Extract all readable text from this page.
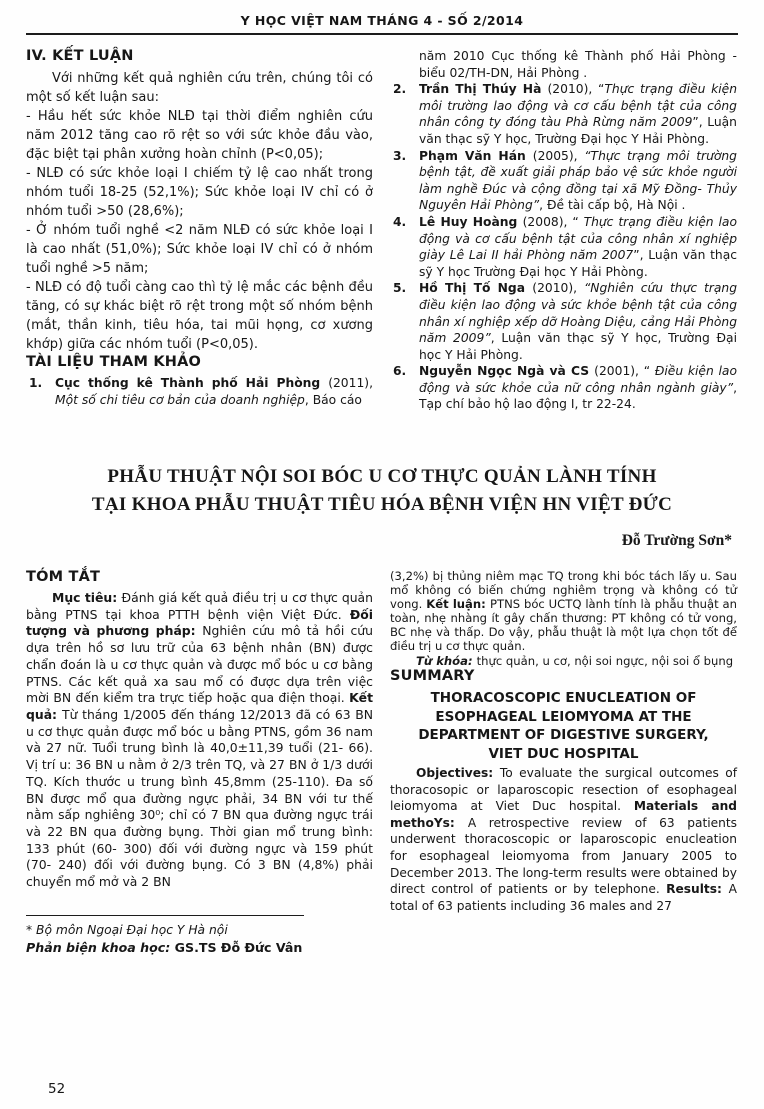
Y HỌC VIỆT NAM THÁNG 4 - SỐ 2/2014
IV. KẾT LUẬN

Với những kết quả nghiên cứu trên, chúng tôi có một số kết luận sau:

- Hầu hết sức khỏe NLĐ tại thời điểm nghiên cứu năm 2012 tăng cao rõ rệt so với sức khỏe đầu vào, đặc biệt tại phân xưởng hoàn chỉnh (P<0,05);

- NLĐ có sức khỏe loại I chiếm tỷ lệ cao nhất trong nhóm tuổi 18-25 (52,1%); Sức khỏe loại IV chỉ có ở nhóm tuổi >50 (28,6%);

- Ở nhóm tuổi nghề <2 năm NLĐ có sức khỏe loại I là cao nhất (51,0%); Sức khỏe loại IV chỉ có ở nhóm tuổi nghề >5 năm;

- NLĐ có độ tuổi càng cao thì tỷ lệ mắc các bệnh đều tăng, có sự khác biệt rõ rệt trong một số nhóm bệnh (mắt, thần kinh, tiêu hóa, tai mũi họng, cơ xương khớp) giữa các nhóm tuổi (P<0,05).

TÀI LIỆU THAM KHẢO
1. Cục thống kê Thành phố Hải Phòng (2011), Một số chi tiêu cơ bản của doanh nghiệp, Báo cáo

năm 2010 Cục thống kê Thành phố Hải Phòng - biểu 02/TH-DN, Hải Phòng .

2. Trần Thị Thúy Hà (2010), “Thực trạng điều kiện môi trường lao động và cơ cấu bệnh tật của công nhân công ty đóng tàu Phà Rừng năm 2009”, Luận văn thạc sỹ Y học, Trường Đại học Y Hải Phòng.
3. Phạm Văn Hán (2005), “Thực trạng môi trường bệnh tật, đề xuất giải pháp bảo vệ sức khỏe người làm nghề Đúc và cộng đồng tại xã Mỹ Đồng- Thủy Nguyên Hải Phòng”, Đề tài cấp bộ, Hà Nội .
4. Lê Huy Hoàng (2008), “ Thực trạng điều kiện lao động và cơ cấu bệnh tật của công nhân xí nghiệp giày Lê Lai II hải Phòng năm 2007”, Luận văn thạc sỹ Y học Trường Đại học Y Hải Phòng.
5. Hồ Thị Tố Nga (2010), “Nghiên cứu thực trạng điều kiện lao động và sức khỏe bệnh tật của công nhân xí nghiệp xếp dỡ Hoàng Diệu, cảng Hải Phòng năm 2009”, Luận văn thạc sỹ Y học, Trường Đại học Y Hải Phòng.
6. Nguyễn Ngọc Ngà và CS (2001), “ Điều kiện lao động và sức khỏe của nữ công nhân ngành giày”, Tạp chí bảo hộ lao động I, tr 22-24.
PHẪU THUẬT NỘI SOI BÓC U CƠ THỰC QUẢN LÀNH TÍNH
TẠI KHOA PHẪU THUẬT TIÊU HÓA BỆNH VIỆN HN VIỆT ĐỨC
Đỗ Trường Sơn*
TÓM TẮT

Mục tiêu: Đánh giá kết quả điều trị u cơ thực quản bằng PTNS tại khoa PTTH bệnh viện Việt Đức. Đối tượng và phương pháp: Nghiên cứu mô tả hồi cứu dựa trên hồ sơ lưu trữ của 63 bệnh nhân (BN) được chẩn đoán là u cơ thực quản và được mổ bóc u cơ bằng PTNS. Các kết quả xa sau mổ có được dựa trên việc mời BN đến kiểm tra trực tiếp hoặc qua điện thoại. Kết quả: Từ tháng 1/2005 đến tháng 12/2013 đã có 63 BN u cơ thực quản được mổ bóc u bằng PTNS, gồm 36 nam và 27 nữ. Tuổi trung bình là 40,0±11,39 tuổi (21- 66). Vị trí u: 36 BN u nằm ở 2/3 trên TQ, và 27 BN ở 1/3 dưới TQ. Kích thước u trung bình 45,8mm (25-110). Đa số BN được mổ qua đường ngực phải, 34 BN với tư thế nằm sấp nghiêng 30⁰; chỉ có 7 BN qua đường ngực trái và 22 BN qua đường bụng. Thời gian mổ trung bình: 133 phút (60- 300) đối với đường ngực và 159 phút (70- 240) đối với đường bụng. Có 3 BN (4,8%) phải chuyển mổ mở và 2 BN

* Bộ môn Ngoại Đại học Y Hà nội
Phản biện khoa học: GS.TS Đỗ Đức Vân

(3,2%) bị thủng niêm mạc TQ trong khi bóc tách lấy u. Sau mổ không có biến chứng nghiêm trọng và không có tử vong. Kết luận: PTNS bóc UCTQ lành tính là phẫu thuật an toàn, nhẹ nhàng ít gây chấn thương: PT không có tử vong, BC nhẹ và thấp. Do vậy, phẫu thuật là một lựa chọn tốt để điều trị u cơ thực quản.

Từ khóa: thực quản, u cơ, nội soi ngực, nội soi ổ bụng

SUMMARY
THORACOSCOPIC ENUCLEATION OF ESOPHAGEAL LEIOMYOMA AT THE DEPARTMENT OF DIGESTIVE SURGERY, VIET DUC HOSPITAL

Objectives: To evaluate the surgical outcomes of thoracosopic or laparoscopic resection of esophageal leiomyoma at Viet Duc hospital. Materials and methoYs: A retrospective review of 63 patients underwent thoracoscopic or laparoscopic enucleation for esophageal leiomyoma from January 2005 to December 2013. The long-term results were obtained by direct control of patients or by telephone. Results: A total of 63 patients including 36 males and 27

52
